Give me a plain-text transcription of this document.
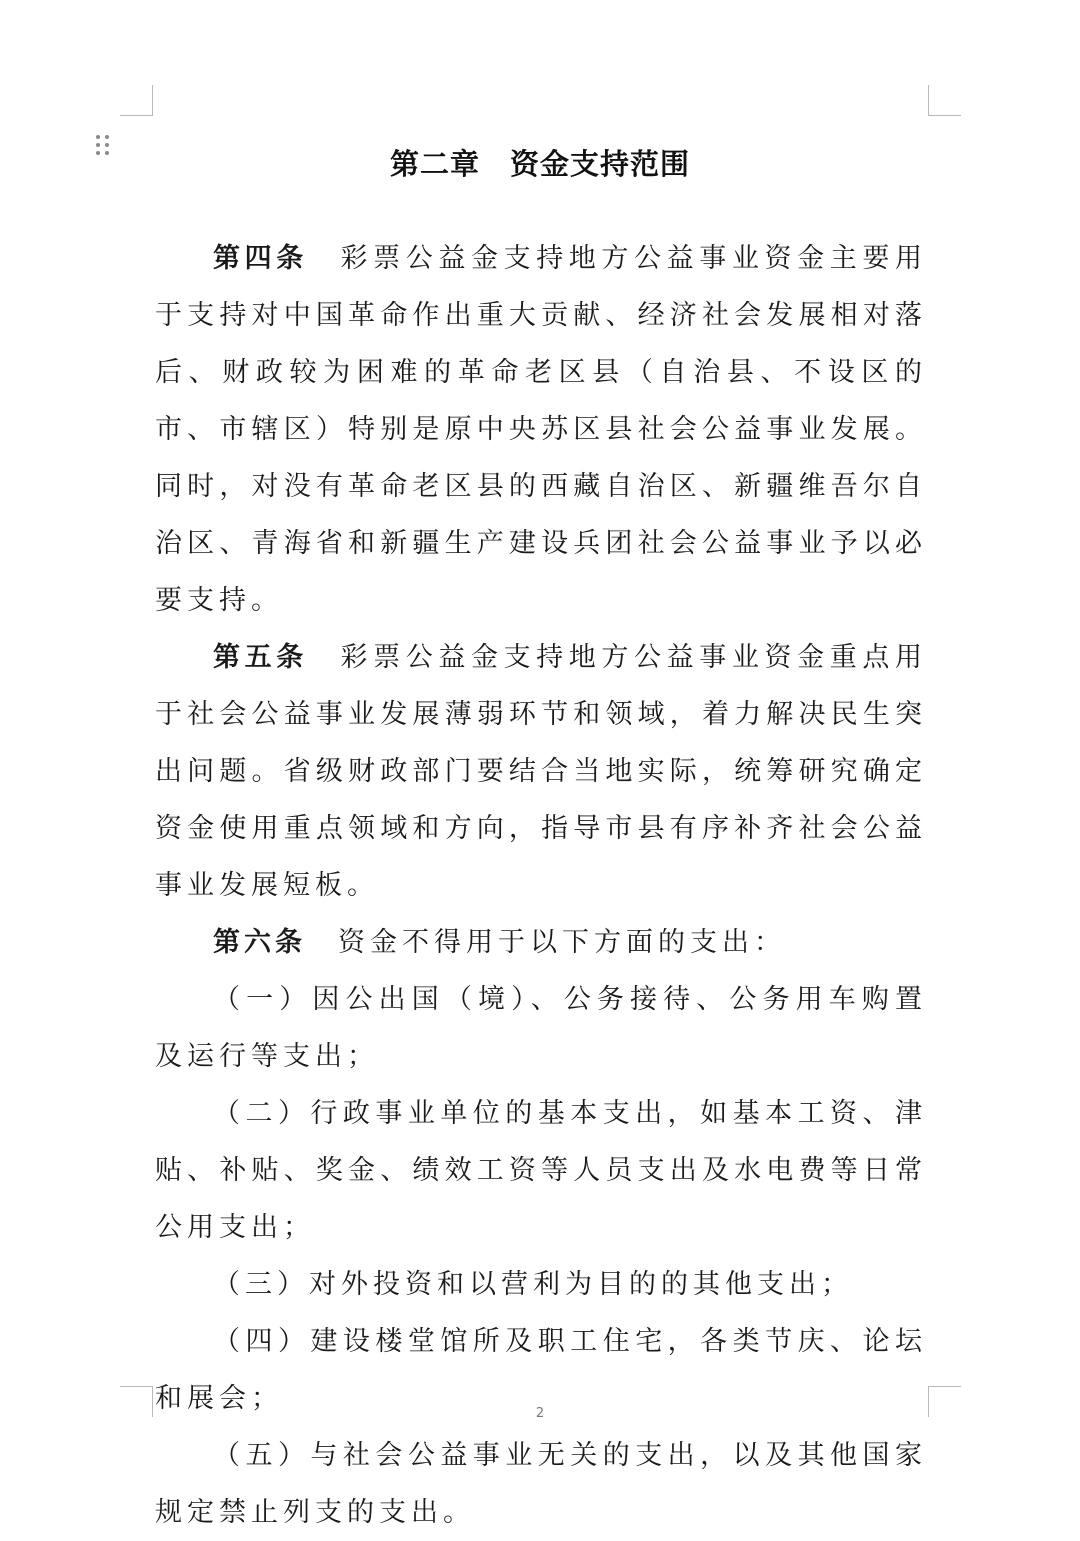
第二章 资金支持范围

第四条 彩票公益金支持地方公益事业资金主要用于支持对中国革命作出重大贡献、经济社会发展相对落后、财政较为困难的革命老区县（自治县、不设区的市、市辖区）特别是原中央苏区县社会公益事业发展。同时，对没有革命老区县的西藏自治区、新疆维吾尔自治区、青海省和新疆生产建设兵团社会公益事业予以必要支持。

第五条 彩票公益金支持地方公益事业资金重点用于社会公益事业发展薄弱环节和领域，着力解决民生突出问题。省级财政部门要结合当地实际，统筹研究确定资金使用重点领域和方向，指导市县有序补齐社会公益事业发展短板。

第六条 资金不得用于以下方面的支出：

（一）因公出国（境）、公务接待、公务用车购置及运行等支出；

（二）行政事业单位的基本支出，如基本工资、津贴、补贴、奖金、绩效工资等人员支出及水电费等日常公用支出；

（三）对外投资和以营利为目的的其他支出；

（四）建设楼堂馆所及职工住宅，各类节庆、论坛和展会；

（五）与社会公益事业无关的支出，以及其他国家规定禁止列支的支出。

2
